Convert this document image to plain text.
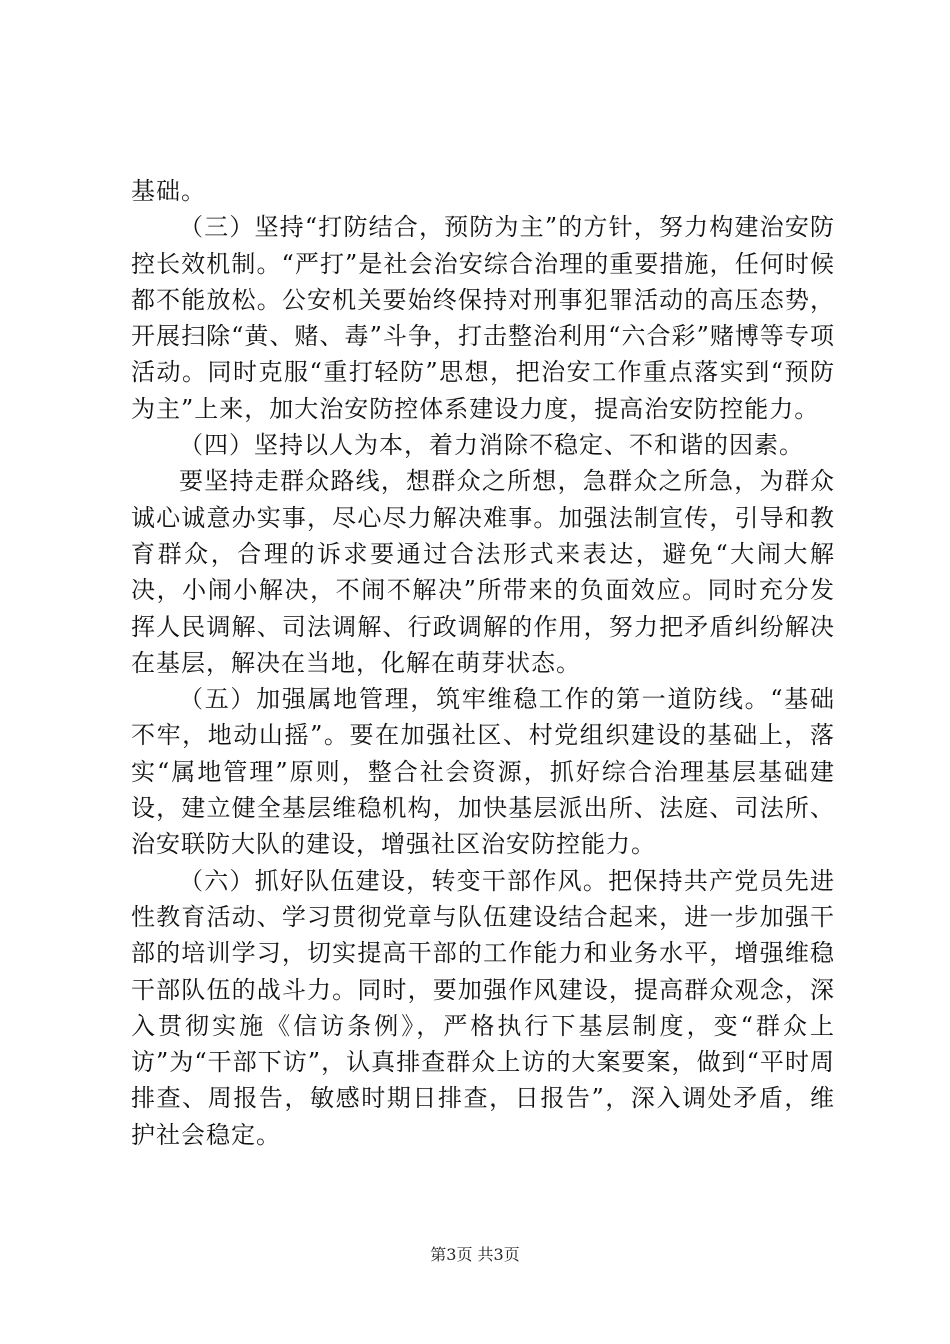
基础。

（三）坚持“打防结合，预防为主”的方针，努力构建治安防控长效机制。“严打”是社会治安综合治理的重要措施，任何时候都不能放松。公安机关要始终保持对刑事犯罪活动的高压态势，开展扫除“黄、赌、毒”斗争，打击整治利用“六合彩”赌博等专项活动。同时克服“重打轻防”思想，把治安工作重点落实到“预防为主”上来，加大治安防控体系建设力度，提高治安防控能力。

（四）坚持以人为本，着力消除不稳定、不和谐的因素。

要坚持走群众路线，想群众之所想，急群众之所急，为群众诚心诚意办实事，尽心尽力解决难事。加强法制宣传，引导和教育群众，合理的诉求要通过合法形式来表达，避免“大闹大解决，小闹小解决，不闹不解决”所带来的负面效应。同时充分发挥人民调解、司法调解、行政调解的作用，努力把矛盾纠纷解决在基层，解决在当地，化解在萌芽状态。

（五）加强属地管理，筑牢维稳工作的第一道防线。“基础不牢，地动山摇”。要在加强社区、村党组织建设的基础上，落实“属地管理”原则，整合社会资源，抓好综合治理基层基础建设，建立健全基层维稳机构，加快基层派出所、法庭、司法所、治安联防大队的建设，增强社区治安防控能力。

（六）抓好队伍建设，转变干部作风。把保持共产党员先进性教育活动、学习贯彻党章与队伍建设结合起来，进一步加强干部的培训学习，切实提高干部的工作能力和业务水平，增强维稳干部队伍的战斗力。同时，要加强作风建设，提高群众观念，深入贯彻实施《信访条例》，严格执行下基层制度，变“群众上访”为“干部下访”，认真排查群众上访的大案要案，做到“平时周排查、周报告，敏感时期日排查，日报告”，深入调处矛盾，维护社会稳定。

第3页 共3页
